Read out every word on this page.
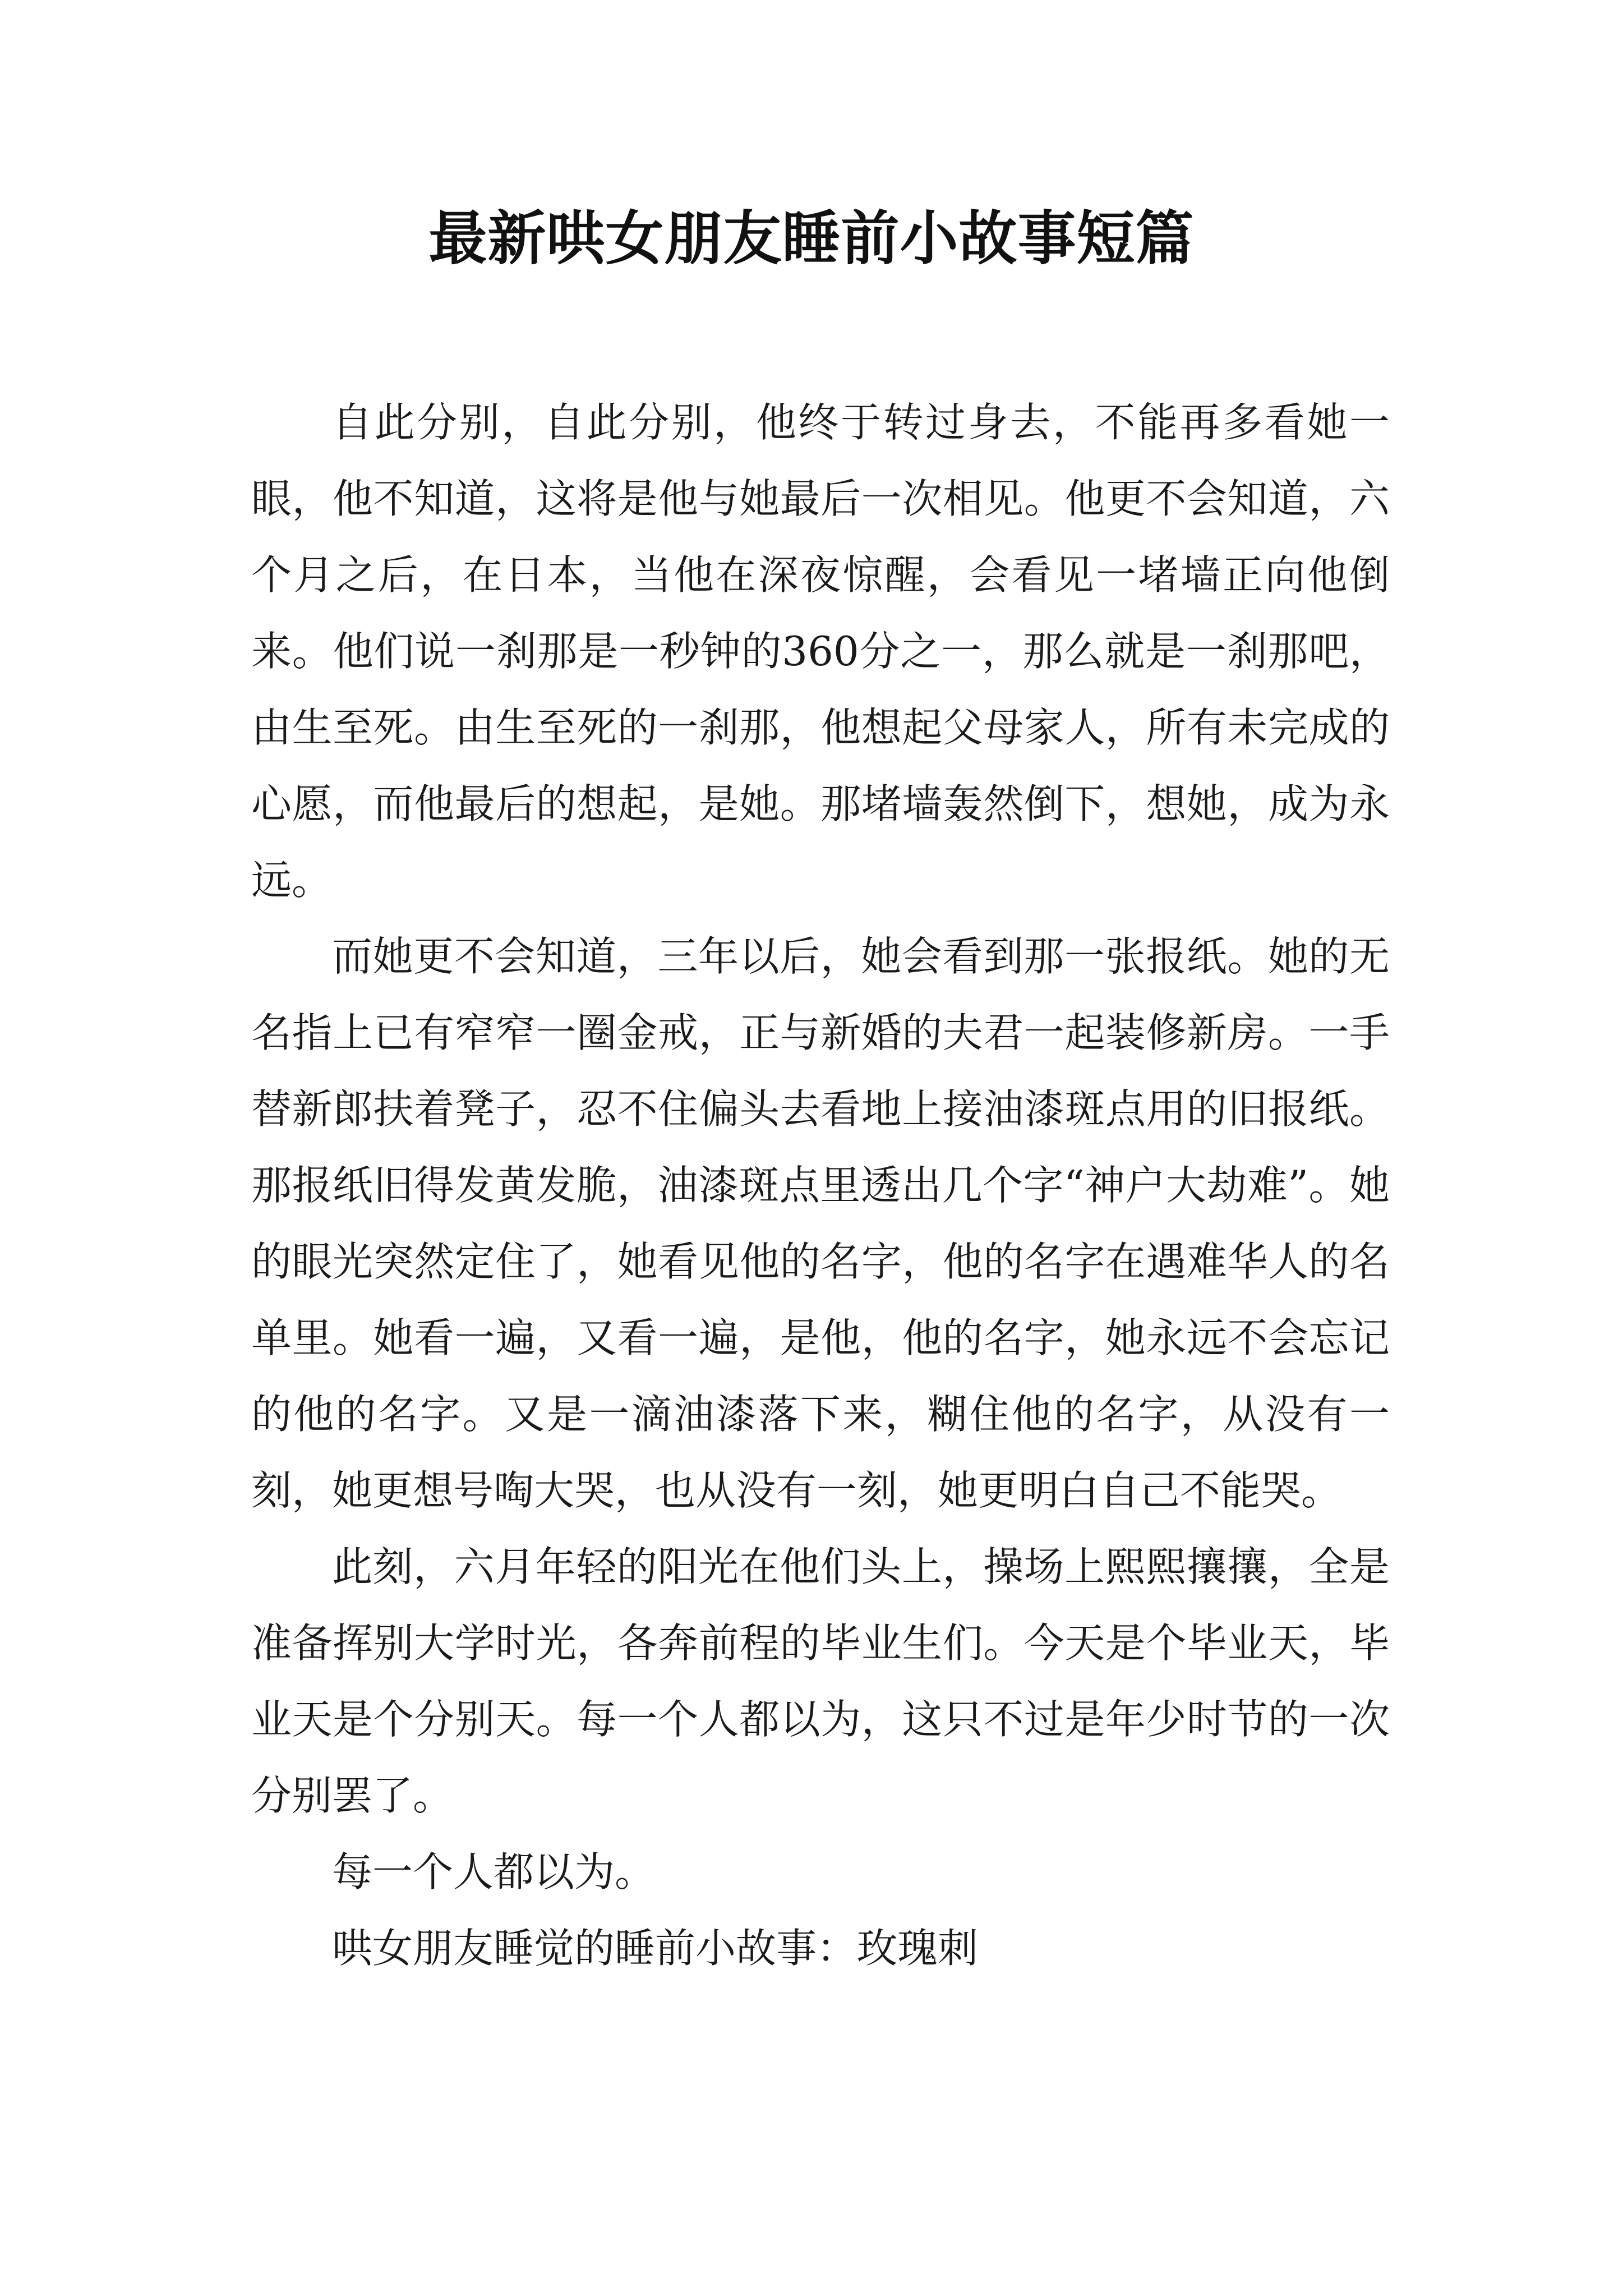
最新哄女朋友睡前小故事短篇

自此分别，自此分别，他终于转过身去，不能再多看她一眼，他不知道，这将是他与她最后一次相见。他更不会知道，六个月之后，在日本，当他在深夜惊醒，会看见一堵墙正向他倒来。他们说一刹那是一秒钟的360分之一，那么就是一刹那吧，由生至死。由生至死的一刹那，他想起父母家人，所有未完成的心愿，而他最后的想起，是她。那堵墙轰然倒下，想她，成为永远。

而她更不会知道，三年以后，她会看到那一张报纸。她的无名指上已有窄窄一圈金戒，正与新婚的夫君一起装修新房。一手替新郎扶着凳子，忍不住偏头去看地上接油漆斑点用的旧报纸。那报纸旧得发黄发脆，油漆斑点里透出几个字“神户大劫难”。她的眼光突然定住了，她看见他的名字，他的名字在遇难华人的名单里。她看一遍，又看一遍，是他，他的名字，她永远不会忘记的他的名字。又是一滴油漆落下来，糊住他的名字，从没有一刻，她更想号啕大哭，也从没有一刻，她更明白自己不能哭。

此刻，六月年轻的阳光在他们头上，操场上熙熙攘攘，全是准备挥别大学时光，各奔前程的毕业生们。今天是个毕业天，毕业天是个分别天。每一个人都以为，这只不过是年少时节的一次分别罢了。

每一个人都以为。

哄女朋友睡觉的睡前小故事：玫瑰刺
